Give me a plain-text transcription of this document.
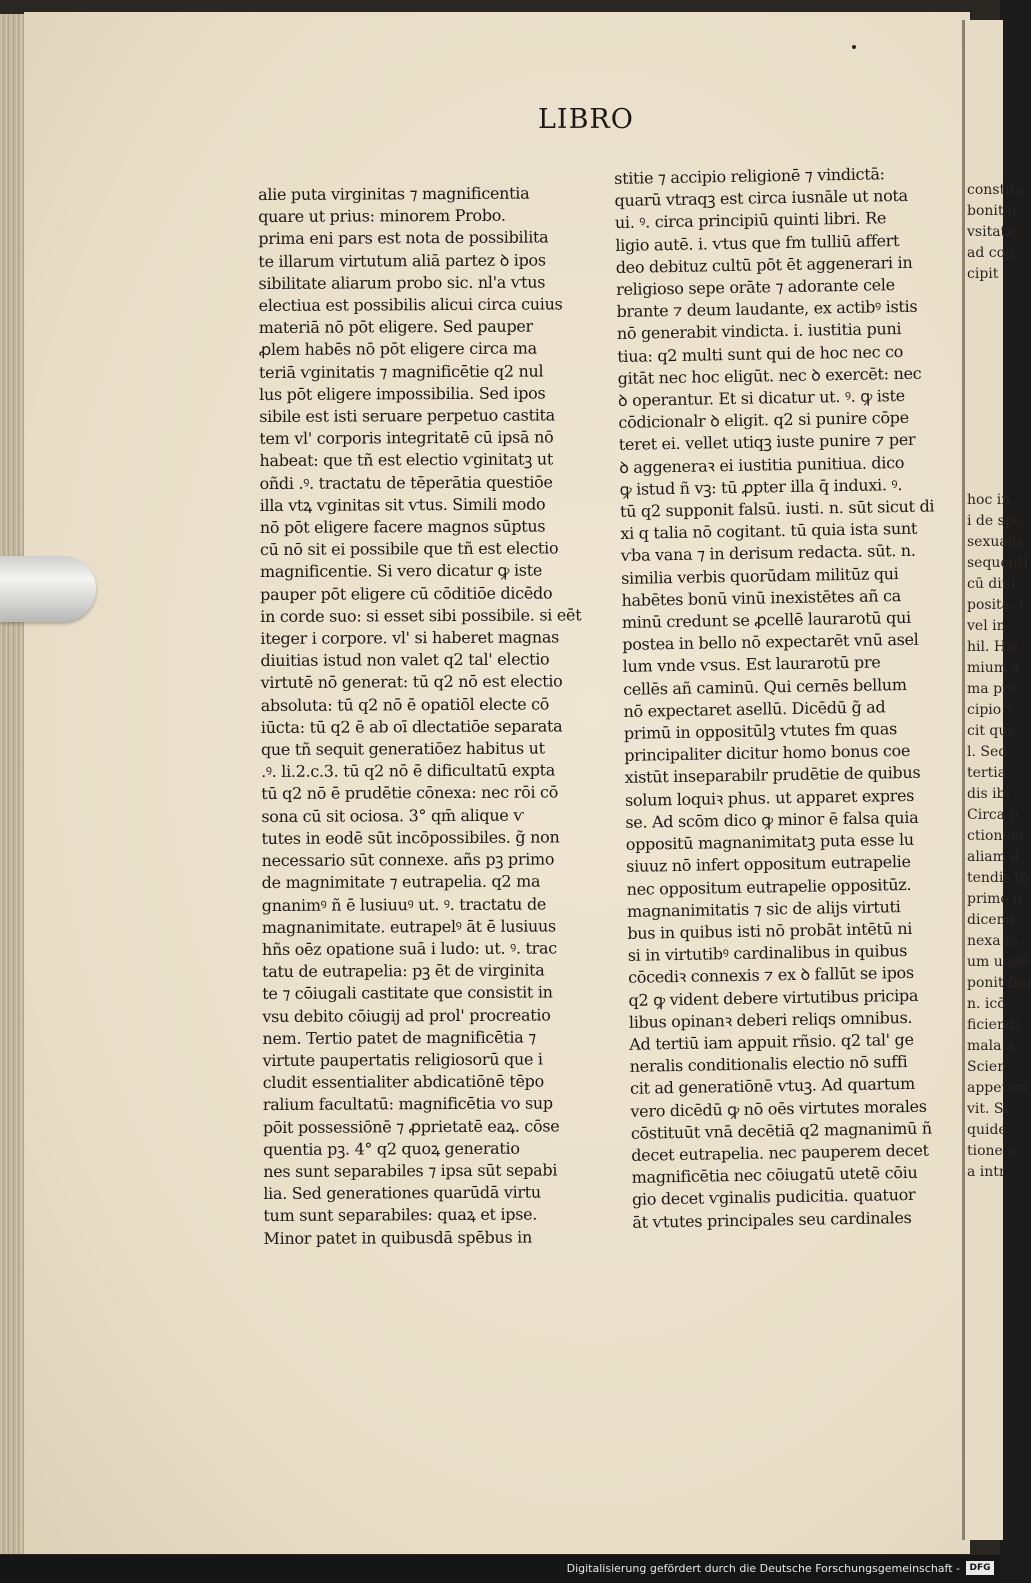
constitu
bonitat
vsitatio
ad cog
cipit
hoc in
i de spe
sexualis
sequenti
cū diuī
posita. f
vel in
hil. Hic
mium a
ma pre
cipio ⁊
cit que
l. Sed
tertia
dis ibi
Circa p
ctionem
aliam d
tendis ib
primo q
dicend
nexa m
um unde
ponit fug
n. icō
ficiendi
mala a
Scien
appetitu
vit. Si
quide
tione q
a intr
LIBRO
alie puta virginitas ⁊ magnificentia
quare ut prius: minorem Probo.
prima eni pars est nota de possibilita
te illarum virtutum aliā partez ꝺ ipos
sibilitate aliarum probo sic. nl'a ⱱtus
electiua est possibilis alicui circa cuius
materiā nō pōt eligere. Sed pauper
ꝓlem habēs nō pōt eligere circa ma
teriā ⱱginitatis ⁊ magnificētie q2 nul
lus pōt eligere impossibilia. Sed ipos
sibile est isti seruare perpetuo castita
tem vl' corporis integritatē cū ipsā nō
habeat: que tñ est electio ⱱginitatꝫ ut
oñdi .ꝰ. tractatu de tēperātia questiōe
illa vtꝝ ⱱginitas sit ⱱtus. Simili modo
nō pōt eligere facere magnos sūptus
cū nō sit ei possibile que tñ est electio
magnificentie. Si vero dicatur ꝙ iste
pauper pōt eligere cū cōditiōe dicēdo
in corde suo: si esset sibi possibile. si eēt
iteger i corpore. vl' si haberet magnas
diuitias istud non valet q2 tal' electio
virtutē nō generat: tū q2 nō est electio
absoluta: tū q2 nō ē opatiōl electe cō
iūcta: tū q2 ē ab oī dlectatiōe separata
que tñ sequit generatiōez habitus ut
.ꝰ. li.2.c.3. tū q2 nō ē dificultatū expta
tū q2 nō ē prudētie cōnexa: nec rōi cō
sona cū sit ociosa. 3° qm̄ alique ⱱ
tutes in eodē sūt incōpossibiles. g̃ non
necessario sūt connexe. añs pꝫ primo
de magnimitate ⁊ eutrapelia. q2 ma
gnanimꝰ ñ ē lusiuuꝰ ut. ꝰ. tractatu de
magnanimitate. eutrapelꝰ āt ē lusiuus
hñs oēz opatione suā i ludo: ut. ꝰ. trac
tatu de eutrapelia: pꝫ ēt de virginita
te ⁊ cōiugali castitate que consistit in
vsu debito cōiugij ad prol' procreatio
nem. Tertio patet de magnificētia ⁊
virtute paupertatis religiosorū que i
cludit essentialiter abdicatiōnē tēpo
ralium facultatū: magnificētia ⱱo sup
pōit possessiōnē ⁊ ꝓprietatē eaꝝ. cōse
quentia pꝫ. 4° q2 quoꝝ generatio
nes sunt separabiles ⁊ ipsa sūt sepabi
lia. Sed generationes quarūdā virtu
tum sunt separabiles: quaꝝ et ipse.
Minor patet in quibusdā spēbus in
stitie ⁊ accipio religionē ⁊ vindictā:
quarū vtraqꝫ est circa iusnāle ut nota
ui. ꝰ. circa principiū quinti libri. Re
ligio autē. i. ⱱtus que fm tulliū affert
deo debituz cultū pōt ēt aggenerari in
religioso sepe orāte ⁊ adorante cele
brante ⁊ deum laudante, ex actibꝰ istis
nō generabit vindicta. i. iustitia puni
tiua: q2 multi sunt qui de hoc nec co
gitāt nec hoc eligūt. nec ꝺ exercēt: nec
ꝺ operantur. Et si dicatur ut. ꝰ. ꝙ iste
cōdicionalr ꝺ eligit. q2 si punire cōpe
teret ei. vellet utiqꝫ iuste punire ⁊ per
ꝺ aggeneraꝛ ei iustitia punitiua. dico
ꝙ istud ñ vꝫ: tū ꝓpter illa q̄ induxi. ꝰ.
tū q2 supponit falsū. iusti. n. sūt sicut di
xi q talia nō cogitant. tū quia ista sunt
ⱱba vana ⁊ in derisum redacta. sūt. n.
similia verbis quorūdam militūz qui
habētes bonū vinū inexistētes añ ca
minū credunt se ꝓcellē laurarotū qui
postea in bello nō expectarēt vnū asel
lum vnde ⱱsus. Est laurarotū pre
cellēs añ caminū. Qui cernēs bellum
nō expectaret asellū. Dicēdū g̃ ad
primū in oppositūlꝫ ⱱtutes fm quas
principaliter dicitur homo bonus coe
xistūt inseparabilr prudētie de quibus
solum loquiꝛ phus. ut apparet expres
se. Ad scōm dico ꝙ minor ē falsa quia
oppositū magnanimitatꝫ puta esse lu
siuuz nō infert oppositum eutrapelie
nec oppositum eutrapelie oppositūz.
magnanimitatis ⁊ sic de alijs virtuti
bus in quibus isti nō probāt intētū ni
si in virtutibꝰ cardinalibus in quibus
cōcediꝛ connexis ⁊ ex ꝺ fallūt se ipos
q2 ꝙ vident debere virtutibus pricipa
libus opinanꝛ deberi reliqs omnibus.
Ad tertiū iam appuit rñsio. q2 tal' ge
neralis conditionalis electio nō suffi
cit ad generatiōnē ⱱtuꝫ. Ad quartum
vero dicēdū ꝙ nō oēs virtutes morales
cōstituūt vnā decētiā q2 magnanimū ñ
decet eutrapelia. nec pauperem decet
magnificētia nec cōiugatū utetē cōiu
gio decet ⱱginalis pudicitia. quatuor
āt ⱱtutes principales seu cardinales
Digitalisierung gefördert durch die Deutsche Forschungsgemeinschaft -	DFG
